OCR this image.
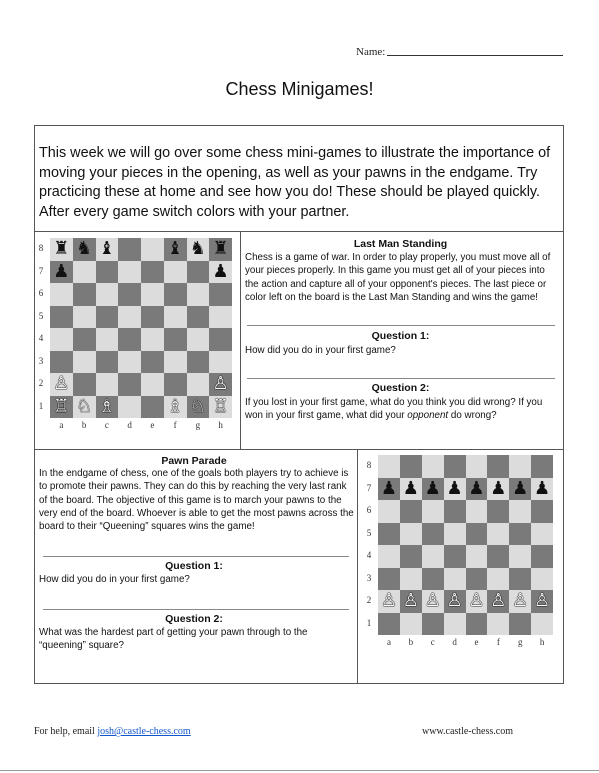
Name:
Chess Minigames!
This week we will go over some chess mini-games to illustrate the importance of moving your pieces in the opening, as well as your pawns in the endgame. Try practicing these at home and see how you do! These should be played quickly. After every game switch colors with your partner.
♜ ♞ ♝	♝ ♞ ♜
♟	♟
♙	♙
♖ ♘ ♗	♗ ♘ ♖
8
7
6
5
4
3
2
1
a	b	c	d	e	f	g	h
Last Man Standing
Chess is a game of war. In order to play properly, you must move all of your pieces properly. In this game you must get all of your pieces into the action and capture all of your opponent's pieces. The last piece or color left on the board is the Last Man Standing and wins the game!
Question 1:
How did you do in your first game?
Question 2:
If you lost in your first game, what do you think you did wrong? If you won in your first game, what did your opponent do wrong?
Pawn Parade
In the endgame of chess, one of the goals both players try to achieve is to promote their pawns. They can do this by reaching the very last rank of the board. The objective of this game is to march your pawns to the very end of the board. Whoever is able to get the most pawns across the board to their “Queening” squares wins the game!
Question 1:
How did you do in your first game?
Question 2:
What was the hardest part of getting your pawn through to the “queening” square?
♟ ♟ ♟ ♟ ♟ ♟ ♟ ♟
♙ ♙ ♙ ♙ ♙ ♙ ♙ ♙
8
7
6
5
4
3
2
1
a	b	c	d	e	f	g	h
For help, email josh@castle-chess.com	www.castle-chess.com
